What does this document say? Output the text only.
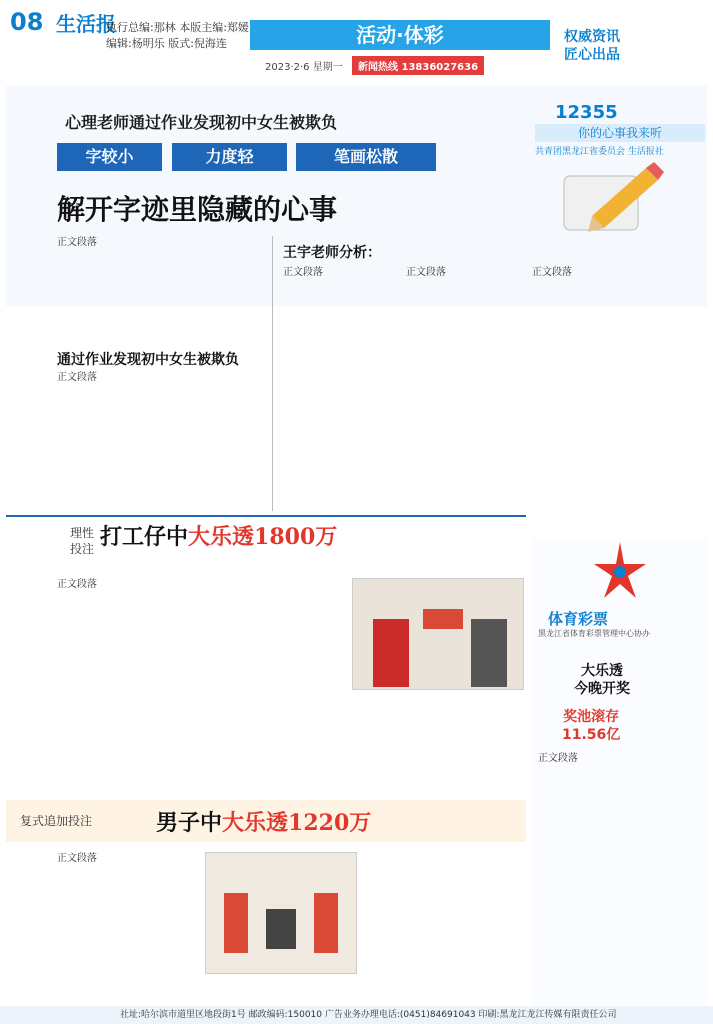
08 生活报
执行总编:那林 本版主编:郑媛
编辑:杨明乐 版式:倪海连	活动·体彩	权威资讯
匠心出品
2023·2·6 星期一	新闻热线 13836027636
心理老师通过作业发现初中女生被欺负
字较小	力度轻	笔画松散
解开字迹里隐藏的心事
12355
你的心事我来听
共青团黑龙江省委员会 生活报社
正文段落
通过作业发现初中女生被欺负
正文段落
王宇老师分析：
正文段落	正文段落	正文段落
理性
投注 打工仔中大乐透1800万
正文段落
体育彩票
黑龙江省体育彩票管理中心协办
大乐透
今晚开奖
奖池滚存
11.56亿
正文段落
复式追加投注	男子中大乐透1220万
正文段落
社址:哈尔滨市道里区地段街1号 邮政编码:150010 广告业务办理电话:(0451)84691043 印刷:黑龙江龙江传媒有限责任公司
